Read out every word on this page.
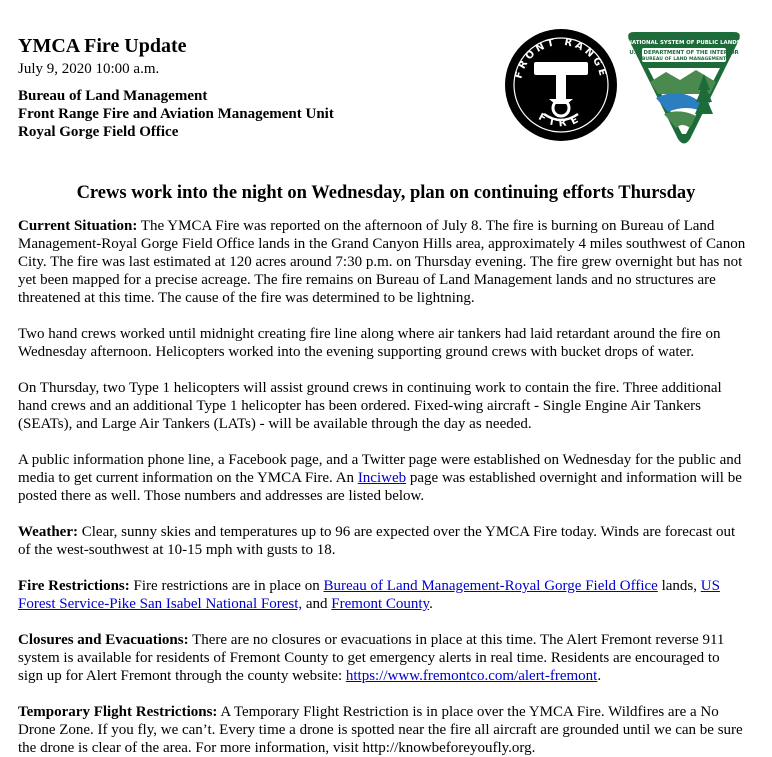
YMCA Fire Update
July 9, 2020 10:00 a.m.
Bureau of Land Management
Front Range Fire and Aviation Management Unit
Royal Gorge Field Office
FRONT RANGE
FIRE
NATIONAL SYSTEM OF PUBLIC LANDS
U.S. DEPARTMENT OF THE INTERIOR
BUREAU OF LAND MANAGEMENT
Crews work into the night on Wednesday, plan on continuing efforts Thursday

Current Situation: The YMCA Fire was reported on the afternoon of July 8. The fire is burning on Bureau of Land Management-Royal Gorge Field Office lands in the Grand Canyon Hills area, approximately 4 miles southwest of Canon City. The fire was last estimated at 120 acres around 7:30 p.m. on Thursday evening. The fire grew overnight but has not yet been mapped for a precise acreage. The fire remains on Bureau of Land Management lands and no structures are threatened at this time. The cause of the fire was determined to be lightning.

Two hand crews worked until midnight creating fire line along where air tankers had laid retardant around the fire on Wednesday afternoon. Helicopters worked into the evening supporting ground crews with bucket drops of water.

On Thursday, two Type 1 helicopters will assist ground crews in continuing work to contain the fire. Three additional hand crews and an additional Type 1 helicopter has been ordered. Fixed-wing aircraft - Single Engine Air Tankers (SEATs), and Large Air Tankers (LATs) - will be available through the day as needed.

A public information phone line, a Facebook page, and a Twitter page were established on Wednesday for the public and media to get current information on the YMCA Fire. An Inciweb page was established overnight and information will be posted there as well. Those numbers and addresses are listed below.

Weather: Clear, sunny skies and temperatures up to 96 are expected over the YMCA Fire today. Winds are forecast out of the west-southwest at 10-15 mph with gusts to 18.

Fire Restrictions: Fire restrictions are in place on Bureau of Land Management-Royal Gorge Field Office lands, US Forest Service-Pike San Isabel National Forest, and Fremont County.

Closures and Evacuations: There are no closures or evacuations in place at this time. The Alert Fremont reverse 911 system is available for residents of Fremont County to get emergency alerts in real time. Residents are encouraged to sign up for Alert Fremont through the county website: https://www.fremontco.com/alert-fremont.

Temporary Flight Restrictions: A Temporary Flight Restriction is in place over the YMCA Fire. Wildfires are a No Drone Zone. If you fly, we can’t. Every time a drone is spotted near the fire all aircraft are grounded until we can be sure the drone is clear of the area. For more information, visit http://knowbeforeyoufly.org.
